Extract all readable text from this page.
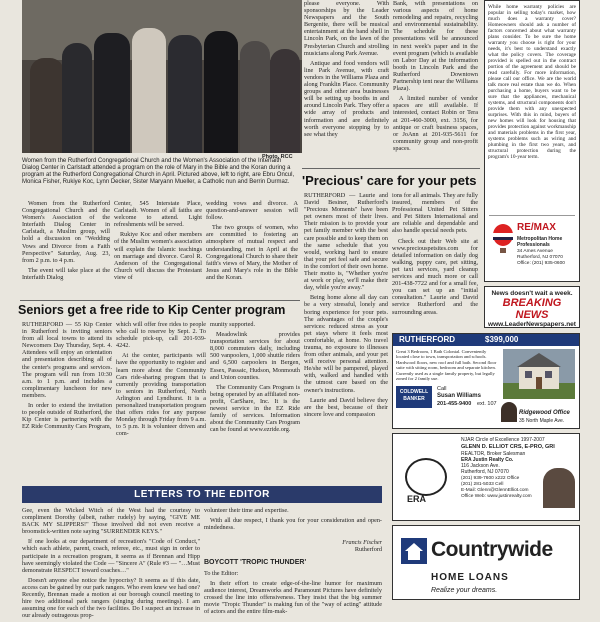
Photo, RCC
Women from the Rutherford Congregational Church and the Women's Association of the Interfaith Dialog Center in Carlstadt attended a program on the role of Mary in the Bible and the Koran during a program at the Rutherford Congregational Church in April. Pictured above, left to right, are Ebru Oncul, Monica Fisher, Rukiye Koc, Lynn Decker, Sister Maryann Mueller, a Catholic nun and Berrin Durmaz.

Women from the Rutherford Congregational Church and the Women's Association of the Interfaith Dialog Center in Carlstadt, a Muslim group, will hold a discussion on "Wedding Vows and Divorce from a Faith Perspective" Saturday, Aug. 23, from 2 p.m. to 4 p.m.

The event will take place at the Interfaith Dialog

Center, 545 Interstate Place, Carlstadt. Women of all faiths are welcome to attend. Light refreshments will be served.

Rukiye Koc and other members of the Muslim women's association will explain the Islamic teachings on marriage and divorce. Carol R. Anderson of the Congregational Church will discuss the Protestant view of

wedding vows and divorce. A question-and-answer session will follow.

The two groups of women, who are committed to fostering an atmosphere of mutual respect and understanding, met in April at the Congregational Church to share their faith's views of Mary, the Mother of Jesus and Mary's role in the Bible and the Koran.

please everyone. With sponsorships by the Leader Newspapers and the South Bergenite, there will be musical entertainment at the band shell in Lincoln Park, on the lawn of the Presbyterian Church and strolling musicians along Park Avenue.

Antique and food vendors will line Park Avenue, with craft vendors in the Williams Plaza and along Franklin Place. Community groups and other area businesses will be setting up booths in and around Lincoln Park. They offer a wide array of products and information and are definitely worth everyone stopping by to see what they

Bank, with presentations on various aspects of home remodeling and repairs, recycling and environmental sustainability. The schedule for these presentations will be announced in next week's paper and in the event program (which is available on Labor Day at the information booth in Lincoln Park and the Rutherford Downtown Partnership tent near the Williams Plaza).

A limited number of vendor spaces are still available. If interested, contact Robin or Tera at 201-460-3000, ext. 3156, for antique or craft business spaces, or JoAnn at 201-935-5611 for community group and non-profit spaces.

'Precious' care for your pets

RUTHERFORD — Laurie and David Besiner, Rutherford's "Precious Moments" have been pet owners most of their lives. Their mission is to provide your pet family member with the best care possible and to keep them on the same schedule that you would, working hard to ensure that your pet feel safe and secure in the comfort of their own home. Their motto is, "Whether you're at work or play, we'll make their day, while you're away."

Being home alone all day can be a very stressful, lonely and boring experience for your pets. The advantages of the couple's services: reduced stress as your pet stays where it feels most comfortable, at home. No travel trauma, no exposure to illnesses from other animals, and your pet will receive personal attention. He/she will be pampered, played with, walked and handled with the utmost care based on the owner's instructions.

Laurie and David believe they are the best, because of their sincere love and compassion

ions for all animals. They are fully insured, members of the Professional United Pet Sitters and Pet Sitters International and are reliable and dependable and also handle special needs pets.

Check out their Web site at www.preciouspetsites.com for detailed information on daily dog walking, puppy care, pet sitting, pet taxi services, yard cleanup services and much more or call 201-438-7722 and for a small fee, you can set up an "initial consultation." Laurie and David service Rutherford and the surrounding areas.

Seniors get a free ride to Kip Center program

RUTHERFORD — 55 Kip Center in Rutherford is inviting seniors from all local towns to attend its Newcomers Day Thursday, Sept. 4. Attendees will enjoy an orientation and presentation describing all of the center's programs and services. The program will run from 10:30 a.m. to 1 p.m. and includes a complimentary luncheon for new members.

In order to extend the invitation to people outside of Rutherford, the Kip Center is partnering with the EZ Ride Community Cars Program,

which will offer free rides to people who call to reserve by Sept. 2. To schedule pick-up, call 201-939-4242.

At the center, participants will have the opportunity to register and learn more about the Community Cars ride-sharing program that is currently providing transportation to seniors in Rutherford, North Arlington and Lyndhurst. It is a personalized transportation program that offers rides for any purpose Monday through Friday from 9 a.m. to 5 p.m. It is volunteer driven and com-

munity supported.

Meadowlink provides transportation services for about 8,000 commuters daily, including 500 vanpoolers, 1,000 shuttle riders and 6,500 carpoolers in Bergen, Essex, Passaic, Hudson, Monmouth and Union counties.

The Community Cars Program is being operated by an affiliated non-profit, CarShare, Inc. It is the newest service in the EZ Ride family of services. Information about the Community Cars Program can be found at www.ezride.org.

LETTERS TO THE EDITOR

Gee, even the Wicked Witch of the West had the courtesy to compliment Dorothy (albeit, rather rudely) by saying, "GIVE ME BACK MY SLIPPERS!" Those involved did not even receive a broomstick-written note saying "SURRENDER KEYS."

If one looks at our department of recreation's "Code of Conduct," which each athlete, parent, coach, referee, etc., must sign in order to participate in a recreation program, it seems as if Brennan and Hipp have seemingly violated the Code — "Sincere A" (Rule #3 — "…Must demonstrate RESPECT toward coaches…"

Doesn't anyone else notice the hypocrisy? It seems as if this date, access can be gained by our park rangers. Who even knew we had one? Recently, Brennan made a motion at our borough council meeting to hire two additional park rangers (singing during meetings). I am assuming one for each of the two facilities. Do I suspect an increase in our already outrageous prop-

volunteer their time and expertise.

With all due respect, I thank you for your consideration and open-mindedness.

Francis Fischer
Rutherford
BOYCOTT 'TROPIC THUNDER'

To the Editor:

In their effort to create edge-of-the-line humor for maximum audience interest, Dreamworks and Paramount Pictures have definitely crossed the line into offensiveness. They insist that the big summer movie "Tropic Thunder" is making fun of the "way of acting" attitude of actors and the entire film-mak-

While home warranty policies are popular in selling today's market, how much does a warranty cover? Homeowners should ask a number of factors concerned about what warranty plans consider. To be sure the home warranty you choose is right for your needs, it's best to understand exactly what the policy covers. The coverage provided is spelled out in the contract portion of the agreement and should be read carefully. For more information, please call our office. We are the world talk more real estate than we do. When purchasing a home, buyers want to be sure that the appliances, mechanical systems, and structural components don't provide them with any unexpected surprises. With this in mind, buyers of new homes will look for housing that provides protection against workmanship and materials problems in the first year, systems problems such as wiring and plumbing in the first two years, and structural protection during the program's 10-year term.
RE/MAX
Metropolitan Home
Professionals
34 Ames Avenue
Rutherford, NJ 07070
Office: (201) 935-0600
News doesn't wait a week.
BREAKING NEWS
www.LeaderNewspapers.net
RUTHERFORD	$399,000
Great 3 Bedroom, 1 Bath Colonial. Conveniently located close to town, transportation and schools. Hardwood floors, new roof and full bath. Second floor suite with sitting room, bedroom and separate kitchen. Currently used as a single family property, but legally zoned for 2 family use.
COLDWELL
BANKER
Call
Susan Williams
201-455-9400 ext. 107
Ridgewood Office
35 North Maple Ave.
NJAR Circle of Excellence 1997-2007
GLENN D. ELLIOT CRS, E-PRO, GRI
REALTOR, Broker Salesman
ERA Justin Realty Co.
116 Jackson Ave.
Rutherford, NJ 07070
(201) 939-7600 x222 Office
(201) 281-5033 Cell
E-Mail: Glenn@GlennElliot.com
Office Web: www.justinrealty.com
ERA
Countrywide
HOME LOANS
Realize your dreams.
